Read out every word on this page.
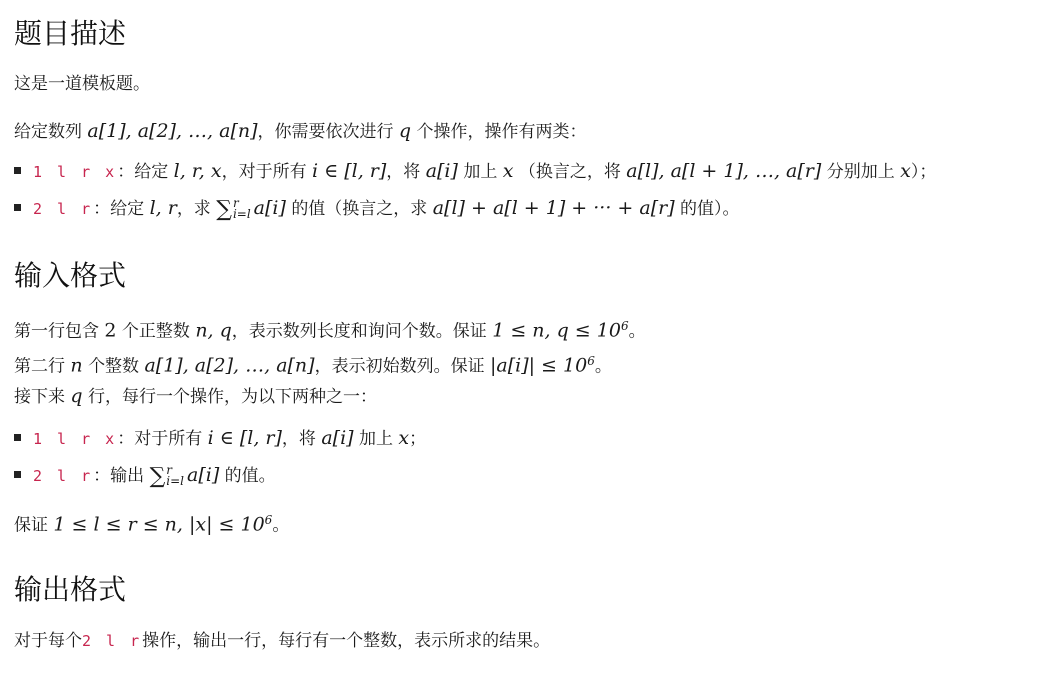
题目描述
这是一道模板题。
给定数列 a[1], a[2], …, a[n]，你需要依次进行 q 个操作，操作有两类：
1 l r x：给定 l, r, x，对于所有 i ∈ [l, r]，将 a[i] 加上 x （换言之，将 a[l], a[l + 1], …, a[r] 分别加上 x）；
2 l r：给定 l, r，求 ∑r
i=l a[i] 的值（换言之，求 a[l] + a[l + 1] + ··· + a[r] 的值）。
输入格式
第一行包含 2 个正整数 n, q，表示数列长度和询问个数。保证 1 ≤ n, $q \le 10^6$。
第二行 n 个整数 a[1], a[2], …, a[n]，表示初始数列。保证 $|a[i]| \le 10^6$。
接下来 q 行，每行一个操作，为以下两种之一：
1 l r x：对于所有 i ∈ [l, r]，将 a[i] 加上 x；
2 l r：输出 ∑r
i=l a[i] 的值。
保证 1 ≤ l ≤ r ≤ n, $|x| \le 10^6$。
输出格式
对于每个2 l r操作，输出一行，每行有一个整数，表示所求的结果。
